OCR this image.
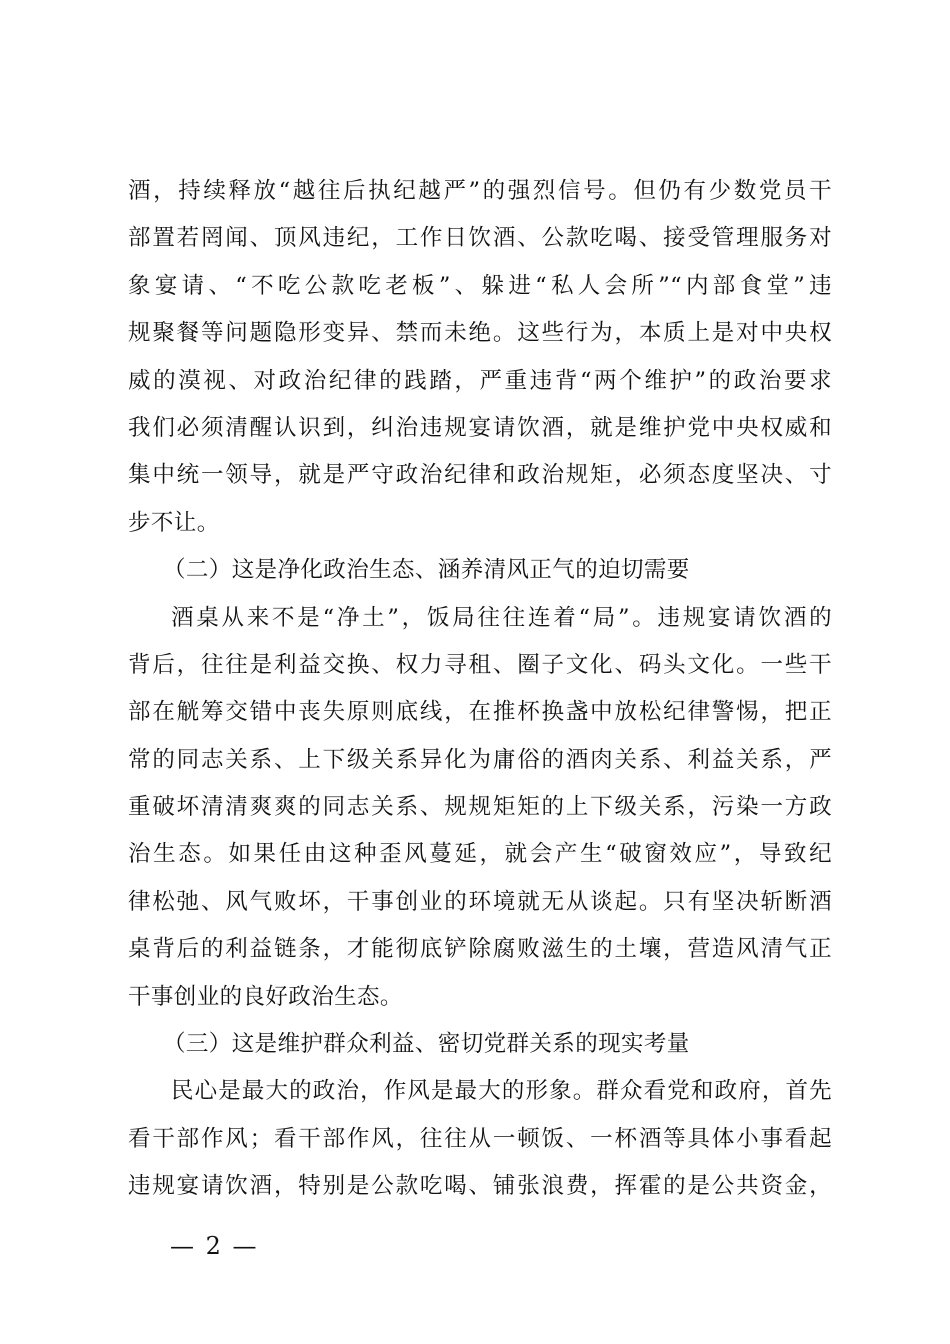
酒，持续释放“越往后执纪越严”的强烈信号。但仍有少数党员干
部置若罔闻、顶风违纪，工作日饮酒、公款吃喝、接受管理服务对
象宴请、“不吃公款吃老板”、躲进“私人会所”“内部食堂”违
规聚餐等问题隐形变异、禁而未绝。这些行为，本质上是对中央权
威的漠视、对政治纪律的践踏，严重违背“两个维护”的政治要求
我们必须清醒认识到，纠治违规宴请饮酒，就是维护党中央权威和
集中统一领导，就是严守政治纪律和政治规矩，必须态度坚决、寸
步不让。
（二）这是净化政治生态、涵养清风正气的迫切需要
酒桌从来不是“净土”，饭局往往连着“局”。违规宴请饮酒的
背后，往往是利益交换、权力寻租、圈子文化、码头文化。一些干
部在觥筹交错中丧失原则底线，在推杯换盏中放松纪律警惕，把正
常的同志关系、上下级关系异化为庸俗的酒肉关系、利益关系，严
重破坏清清爽爽的同志关系、规规矩矩的上下级关系，污染一方政
治生态。如果任由这种歪风蔓延，就会产生“破窗效应”，导致纪
律松弛、风气败坏，干事创业的环境就无从谈起。只有坚决斩断酒
桌背后的利益链条，才能彻底铲除腐败滋生的土壤，营造风清气正
干事创业的良好政治生态。
（三）这是维护群众利益、密切党群关系的现实考量
民心是最大的政治，作风是最大的形象。群众看党和政府，首先
看干部作风；看干部作风，往往从一顿饭、一杯酒等具体小事看起
违规宴请饮酒，特别是公款吃喝、铺张浪费，挥霍的是公共资金，
— 2 —
